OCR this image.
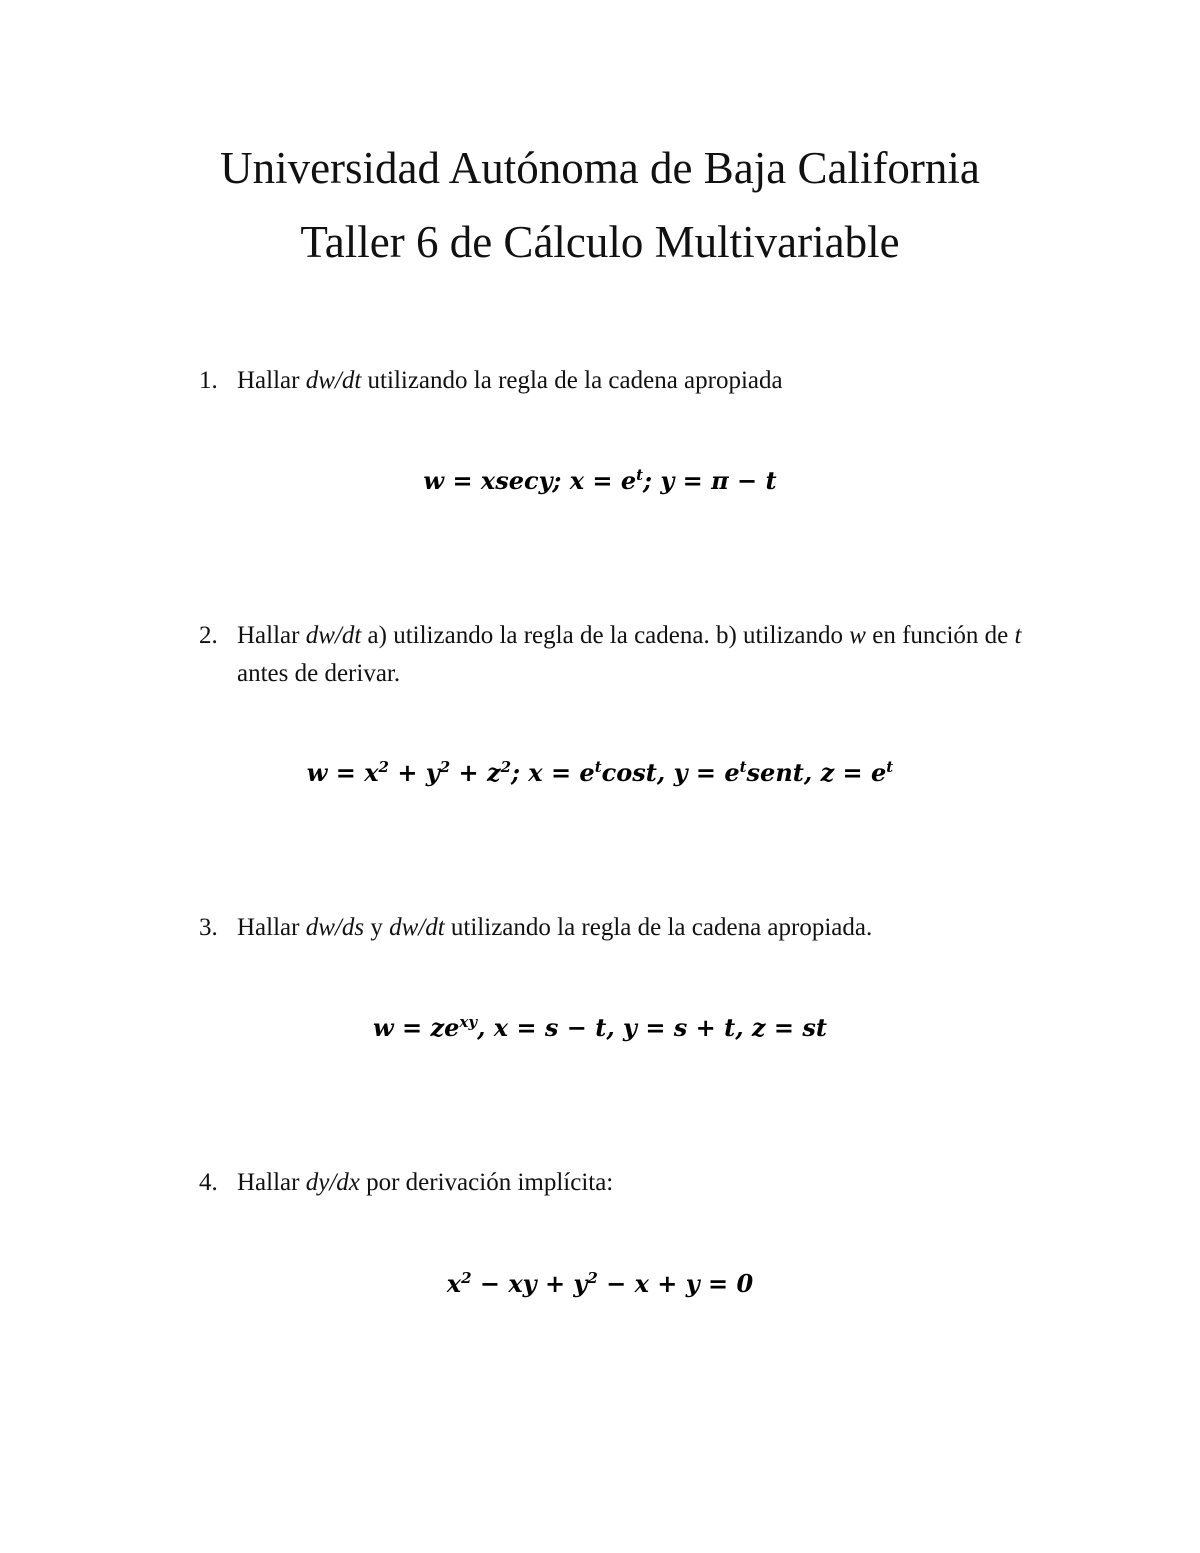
Universidad Autónoma de Baja California
Taller 6 de Cálculo Multivariable
1. Hallar dw/dt utilizando la regla de la cadena apropiada
w = xsecy; $x = e^t$; y = π − t
2. Hallar dw/dt a) utilizando la regla de la cadena. b) utilizando w en función de t antes de derivar.
$w = x^2 + y^2 + z^2$; $x = e^t\cos t$, $y = e^tsent$, $z = e^t$
3. Hallar dw/ds y dw/dt utilizando la regla de la cadena apropiada.
$w = ze^{xy}$, x = s − t, y = s + t, z = st
4. Hallar dy/dx por derivación implícita:
$x^2$ − xy + $y^2 - x + y = 0$
